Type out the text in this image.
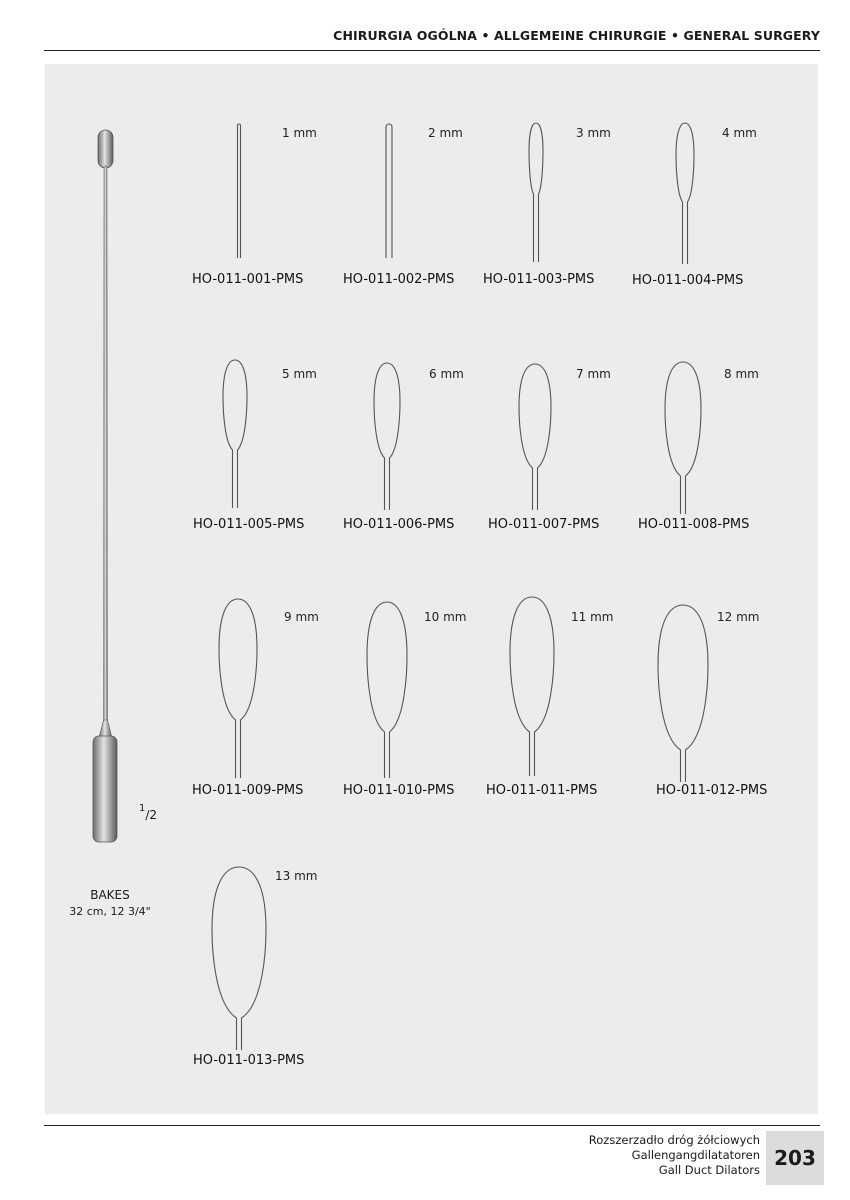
CHIRURGIA OGÓLNA • ALLGEMEINE CHIRURGIE • GENERAL SURGERY
1 mm
HO-011-001-PMS
2 mm
HO-011-002-PMS
3 mm
HO-011-003-PMS
4 mm
HO-011-004-PMS
5 mm
HO-011-005-PMS
6 mm
HO-011-006-PMS
7 mm
HO-011-007-PMS
8 mm
HO-011-008-PMS
9 mm
HO-011-009-PMS
10 mm
HO-011-010-PMS
11 mm
HO-011-011-PMS
12 mm
HO-011-012-PMS
13 mm
HO-011-013-PMS
BAKES
32 cm, 12 3/4"
$^1$/2
Rozszerzadło dróg żółciowych
Gallengangdilatatoren
Gall Duct Dilators 203
